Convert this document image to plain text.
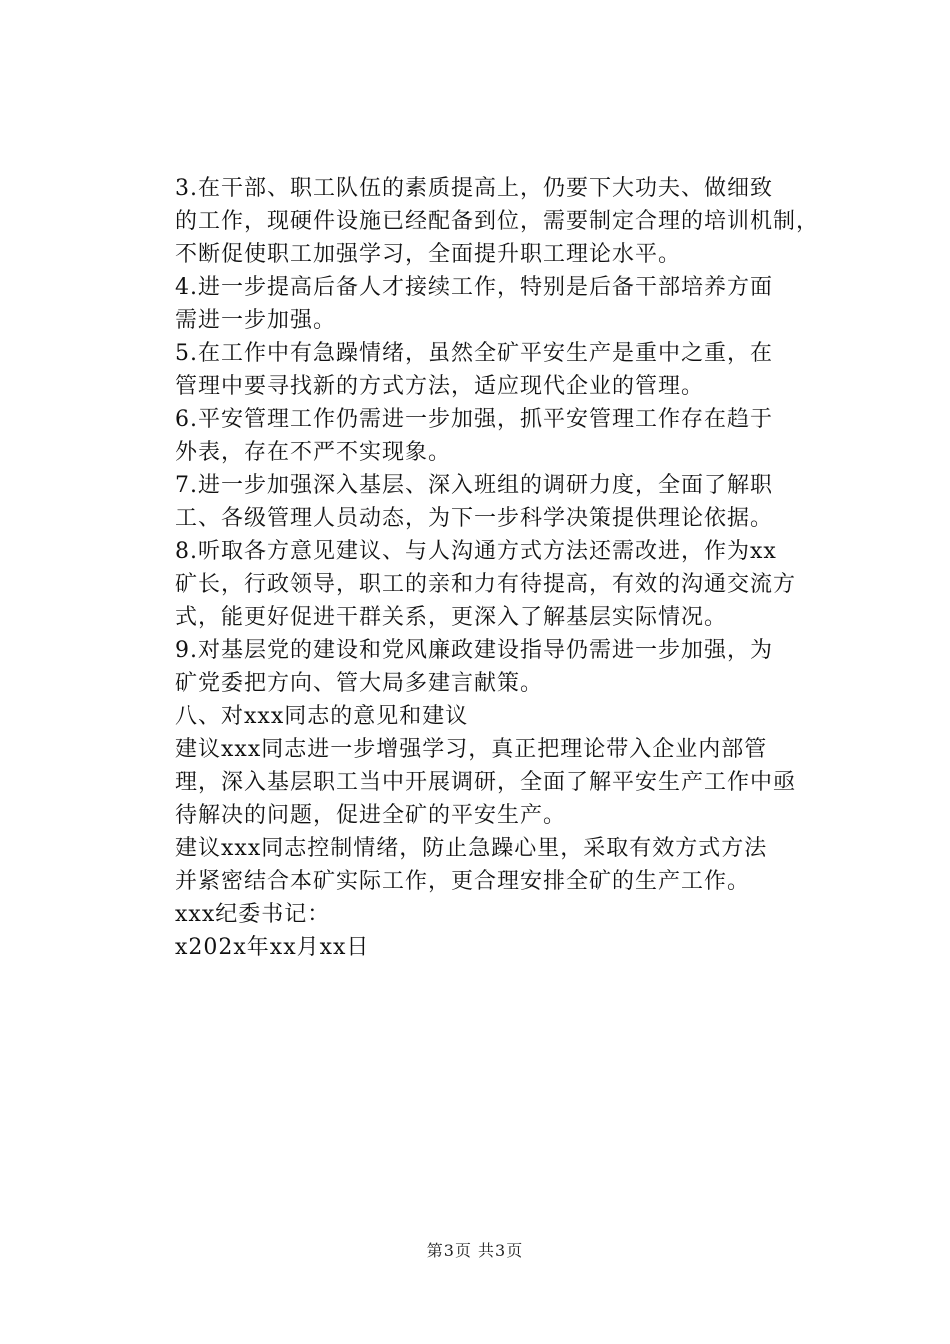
3.在干部、职工队伍的素质提高上，仍要下大功夫、做细致
的工作，现硬件设施已经配备到位，需要制定合理的培训机制，
不断促使职工加强学习，全面提升职工理论水平。

4.进一步提高后备人才接续工作，特别是后备干部培养方面
需进一步加强。

5.在工作中有急躁情绪，虽然全矿平安生产是重中之重，在
管理中要寻找新的方式方法，适应现代企业的管理。

6.平安管理工作仍需进一步加强，抓平安管理工作存在趋于
外表，存在不严不实现象。

7.进一步加强深入基层、深入班组的调研力度，全面了解职
工、各级管理人员动态，为下一步科学决策提供理论依据。

8.听取各方意见建议、与人沟通方式方法还需改进，作为xx
矿长，行政领导，职工的亲和力有待提高，有效的沟通交流方
式，能更好促进干群关系，更深入了解基层实际情况。

9.对基层党的建设和党风廉政建设指导仍需进一步加强，为
矿党委把方向、管大局多建言献策。

八、对xxx同志的意见和建议

建议xxx同志进一步增强学习，真正把理论带入企业内部管
理，深入基层职工当中开展调研，全面了解平安生产工作中亟
待解决的问题，促进全矿的平安生产。

建议xxx同志控制情绪，防止急躁心里，采取有效方式方法
并紧密结合本矿实际工作，更合理安排全矿的生产工作。

xxx纪委书记：

x202x年xx月xx日

第3页 共3页
